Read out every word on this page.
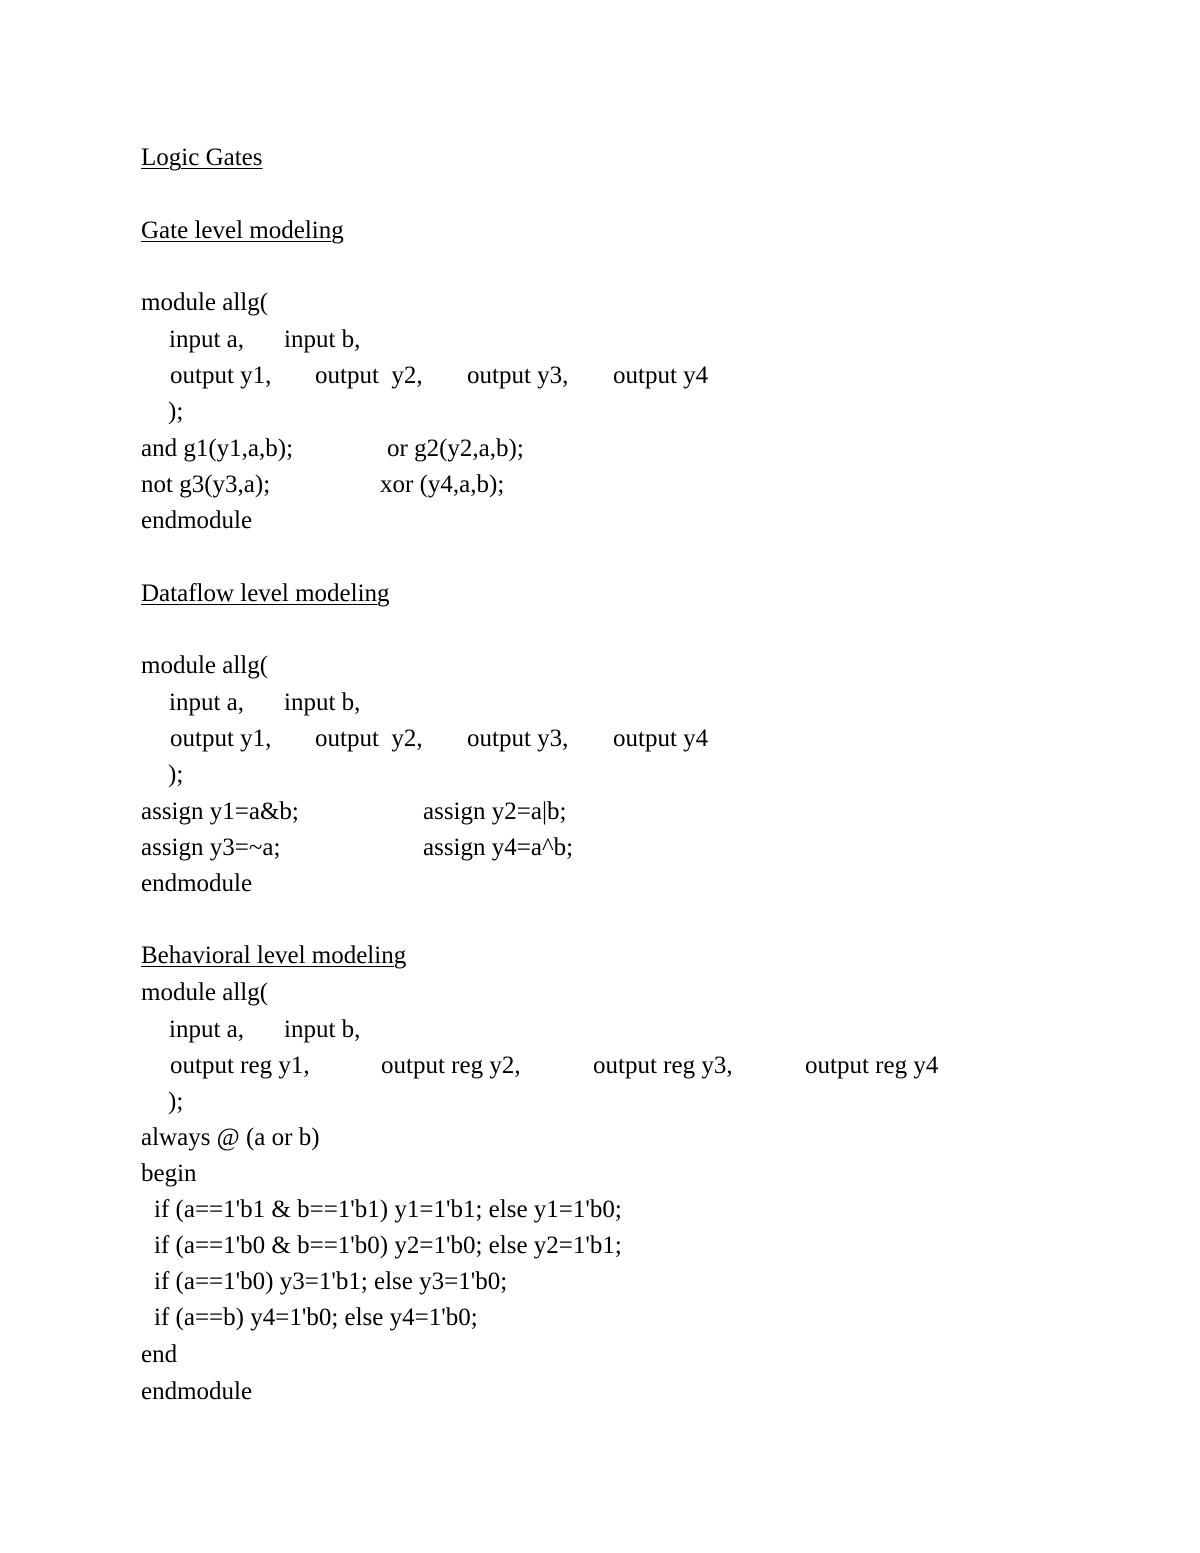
Logic Gates
Gate level modeling
module allg(

input a,

input b,

output y1,

output  y2,

output y3,

output y4

);

and g1(y1,a,b);

	or g2(y2,a,b);

not g3(y3,a);

	xor (y4,a,b);

endmodule
Dataflow level modeling
module allg(

input a,

input b,

output y1,

output  y2,

output y3,

output y4

);

assign y1=a&b;

	assign y2=a|b;

assign y3=~a;

	assign y4=a^b;

endmodule
Behavioral level modeling
module allg(

input a,

input b,

output reg y1,

	output reg y2,

	output reg y3,

	output reg y4

);

always @ (a or b)
begin

if (a==1'b1 & b==1'b1) y1=1'b1; else y1=1'b0;

if (a==1'b0 & b==1'b0) y2=1'b0; else y2=1'b1;

if (a==1'b0) y3=1'b1; else y3=1'b0;

if (a==b) y4=1'b0; else y4=1'b0;

end
endmodule
